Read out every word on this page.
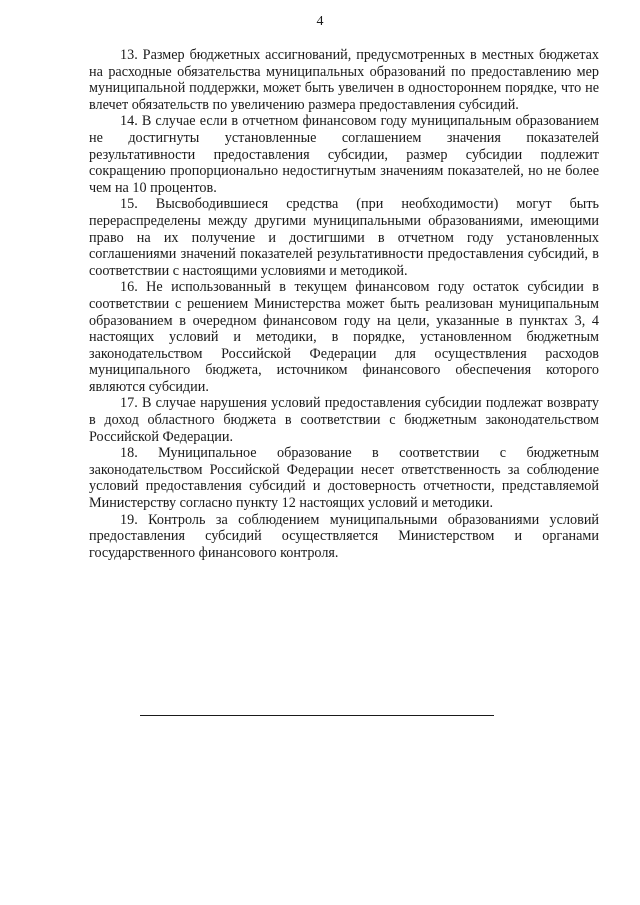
4

13. Размер бюджетных ассигнований, предусмотренных в местных бюджетах на расходные обязательства муниципальных образований по предоставлению мер муниципальной поддержки, может быть увеличен в одностороннем порядке, что не влечет обязательств по увеличению размера предоставления субсидий.

14. В случае если в отчетном финансовом году муниципальным образованием не достигнуты установленные соглашением значения показателей результативности предоставления субсидии, размер субсидии подлежит сокращению пропорционально недостигнутым значениям показателей, но не более чем на 10 процентов.

15. Высвободившиеся средства (при необходимости) могут быть перераспределены между другими муниципальными образованиями, имеющими право на их получение и достигшими в отчетном году установленных соглашениями значений показателей результативности предоставления субсидий, в соответствии с настоящими условиями и методикой.

16. Не использованный в текущем финансовом году остаток субсидии в соответствии с решением Министерства может быть реализован муниципальным образованием в очередном финансовом году на цели, указанные в пунктах 3, 4 настоящих условий и методики, в порядке, установленном бюджетным законодательством Российской Федерации для осуществления расходов муниципального бюджета, источником финансового обеспечения которого являются субсидии.

17. В случае нарушения условий предоставления субсидии подлежат возврату в доход областного бюджета в соответствии с бюджетным законодательством Российской Федерации.

18. Муниципальное образование в соответствии с бюджетным законодательством Российской Федерации несет ответственность за соблюдение условий предоставления субсидий и достоверность отчетности, представляемой Министерству согласно пункту 12 настоящих условий и методики.

19. Контроль за соблюдением муниципальными образованиями условий предоставления субсидий осуществляется Министерством и органами государственного финансового контроля.
